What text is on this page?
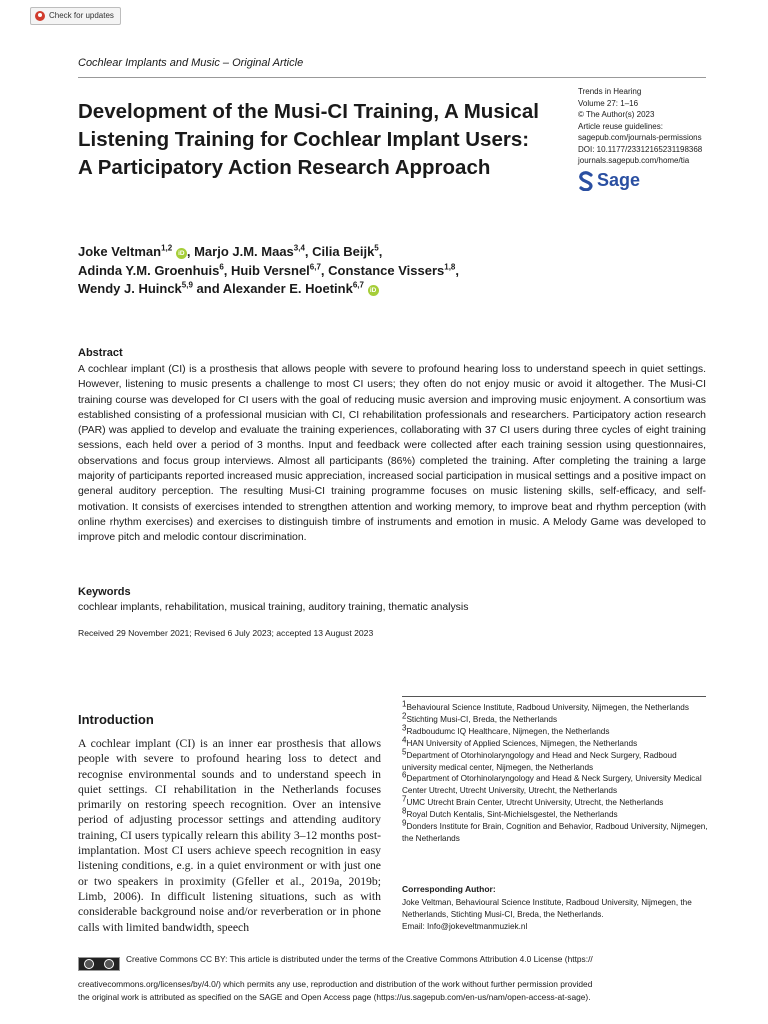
Check for updates
Cochlear Implants and Music – Original Article
Development of the Musi-CI Training, A Musical Listening Training for Cochlear Implant Users: A Participatory Action Research Approach
Trends in Hearing
Volume 27: 1–16
© The Author(s) 2023
Article reuse guidelines:
sagepub.com/journals-permissions
DOI: 10.1177/23312165231198368
journals.sagepub.com/home/tia
Sage
Joke Veltman$^{1,2}$ iD , Marjo J.M. Maas$^{3,4}$, Cilia Beijk$^5$,
Adinda Y.M. Groenhuis$^6$, Huib Versnel$^{6,7}$, Constance Vissers$^{1,8}$,
Wendy J. Huinck$^{5,9}$ and Alexander E. Hoetink$^{6,7}$ iD
Abstract

A cochlear implant (CI) is a prosthesis that allows people with severe to profound hearing loss to understand speech in quiet settings. However, listening to music presents a challenge to most CI users; they often do not enjoy music or avoid it altogether. The Musi-CI training course was developed for CI users with the goal of reducing music aversion and improving music enjoyment. A consortium was established consisting of a professional musician with CI, CI rehabilitation professionals and researchers. Participatory action research (PAR) was applied to develop and evaluate the training experiences, collaborating with 37 CI users during three cycles of eight training sessions, each held over a period of 3 months. Input and feedback were collected after each training session using questionnaires, observations and focus group interviews. Almost all participants (86%) completed the training. After completing the training a large majority of participants reported increased music appreciation, increased social participation in musical settings and a positive impact on general auditory perception. The resulting Musi-CI training programme focuses on music listening skills, self-efficacy, and self-motivation. It consists of exercises intended to strengthen attention and working memory, to improve beat and rhythm perception (with online rhythm exercises) and exercises to distinguish timbre of instruments and emotion in music. A Melody Game was developed to improve pitch and melodic contour discrimination.

Keywords
cochlear implants, rehabilitation, musical training, auditory training, thematic analysis
Received 29 November 2021; Revised 6 July 2023; accepted 13 August 2023
Introduction

A cochlear implant (CI) is an inner ear prosthesis that allows people with severe to profound hearing loss to detect and recognise environmental sounds and to understand speech in quiet settings. CI rehabilitation in the Netherlands focuses primarily on restoring speech recognition. Over an intensive period of adjusting processor settings and attending auditory training, CI users typically relearn this ability 3–12 months post-implantation. Most CI users achieve speech recognition in easy listening conditions, e.g. in a quiet environment or with just one or two speakers in proximity (Gfeller et al., 2019a, 2019b; Limb, 2006). In difficult listening situations, such as with considerable background noise and/or reverberation or in phone calls with limited bandwidth, speech

$^1$Behavioural Science Institute, Radboud University, Nijmegen, the Netherlands
$^2$Stichting Musi-CI, Breda, the Netherlands
$^3$Radboudumc IQ Healthcare, Nijmegen, the Netherlands
$^4$HAN University of Applied Sciences, Nijmegen, the Netherlands
$^5$Department of Otorhinolaryngology and Head and Neck Surgery, Radboud university medical center, Nijmegen, the Netherlands
$^6$Department of Otorhinolaryngology and Head & Neck Surgery, University Medical Center Utrecht, Utrecht University, Utrecht, the Netherlands
$^7$UMC Utrecht Brain Center, Utrecht University, Utrecht, the Netherlands
$^8$Royal Dutch Kentalis, Sint-Michielsgestel, the Netherlands
$^9$Donders Institute for Brain, Cognition and Behavior, Radboud University, Nijmegen, the Netherlands
Corresponding Author:
Joke Veltman, Behavioural Science Institute, Radboud University, Nijmegen, the Netherlands, Stichting Musi-CI, Breda, the Netherlands.
Email: Info@jokeveltmanmuziek.nl
Creative Commons CC BY: This article is distributed under the terms of the Creative Commons Attribution 4.0 License (https://
creativecommons.org/licenses/by/4.0/) which permits any use, reproduction and distribution of the work without further permission provided
the original work is attributed as specified on the SAGE and Open Access page (https://us.sagepub.com/en-us/nam/open-access-at-sage).
